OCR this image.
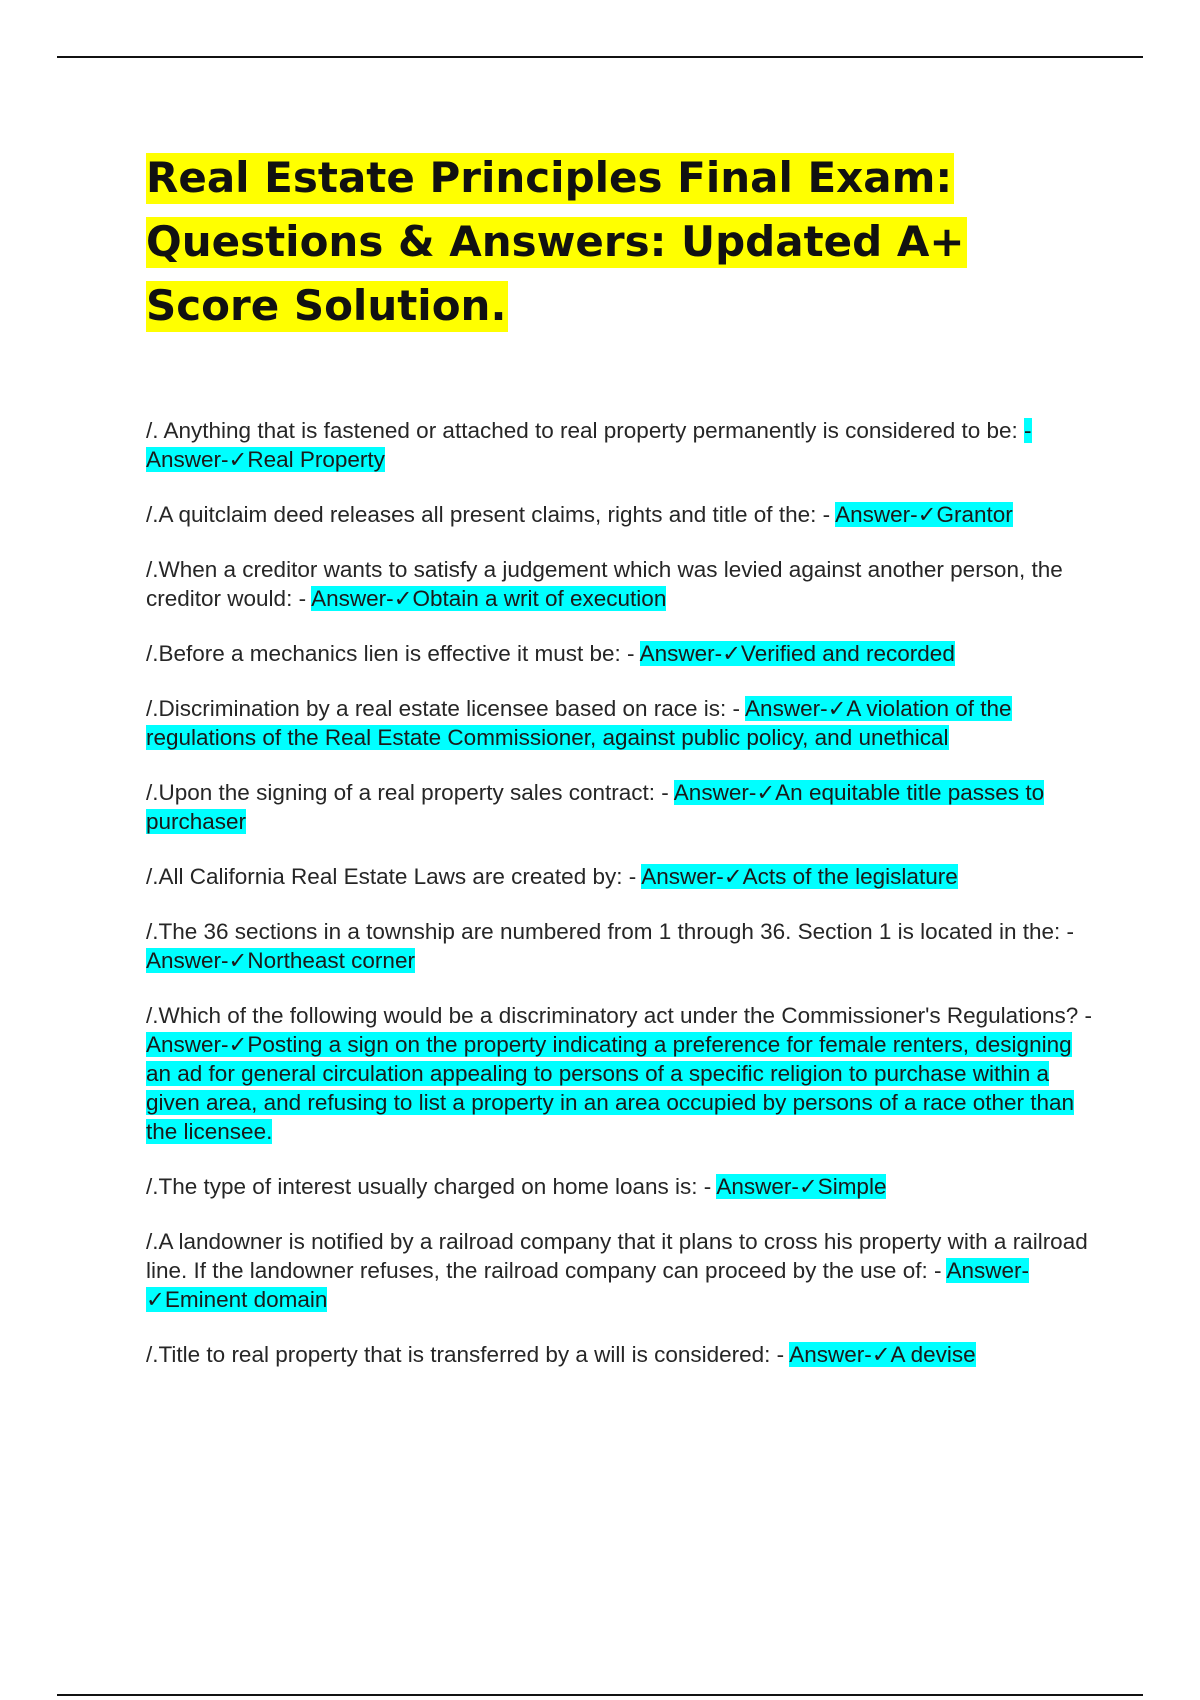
Real Estate Principles Final Exam: Questions & Answers: Updated A+ Score Solution.
/. Anything that is fastened or attached to real property permanently is considered to be: - Answer-✓Real Property
/.A quitclaim deed releases all present claims, rights and title of the: - Answer-✓Grantor
/.When a creditor wants to satisfy a judgement which was levied against another person, the creditor would: - Answer-✓Obtain a writ of execution
/.Before a mechanics lien is effective it must be: - Answer-✓Verified and recorded
/.Discrimination by a real estate licensee based on race is: - Answer-✓A violation of the regulations of the Real Estate Commissioner, against public policy, and unethical
/.Upon the signing of a real property sales contract: - Answer-✓An equitable title passes to purchaser
/.All California Real Estate Laws are created by: - Answer-✓Acts of the legislature
/.The 36 sections in a township are numbered from 1 through 36. Section 1 is located in the: - Answer-✓Northeast corner
/.Which of the following would be a discriminatory act under the Commissioner's Regulations? - Answer-✓Posting a sign on the property indicating a preference for female renters, designing an ad for general circulation appealing to persons of a specific religion to purchase within a given area, and refusing to list a property in an area occupied by persons of a race other than the licensee.
/.The type of interest usually charged on home loans is: - Answer-✓Simple
/.A landowner is notified by a railroad company that it plans to cross his property with a railroad line. If the landowner refuses, the railroad company can proceed by the use of: - Answer-✓Eminent domain
/.Title to real property that is transferred by a will is considered: - Answer-✓A devise
